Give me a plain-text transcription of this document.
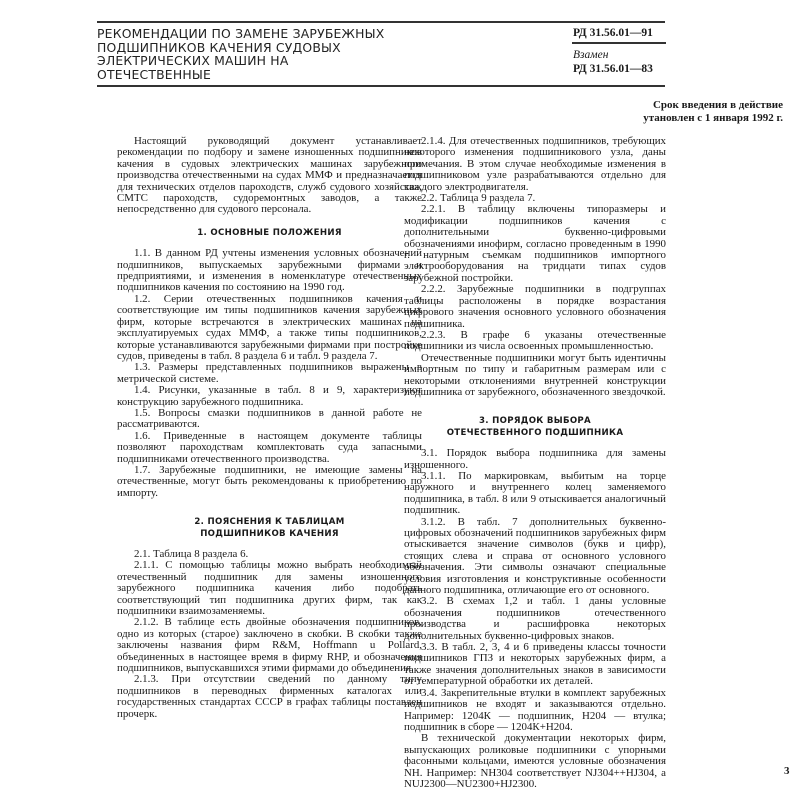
РЕКОМЕНДАЦИИ ПО ЗАМЕНЕ ЗАРУБЕЖНЫХ
ПОДШИПНИКОВ КАЧЕНИЯ СУДОВЫХ
ЭЛЕКТРИЧЕСКИХ МАШИН НА
ОТЕЧЕСТВЕННЫЕ
РД 31.56.01—91
Взамен
РД 31.56.01—83
Срок введения в действие
утановлен с 1 января 1992 г.

Настоящий руководящий документ устанавливает рекомендации по подбору и замене изношенных подшипников качения в судовых электрических машинах зарубежного производства отечественными на судах ММФ и предназначается для технических отделов пароходств, служб судового хозяйства, СМТС пароходств, судоремонтных заводов, а также непосредственно для судового персонала.

1. ОСНОВНЫЕ ПОЛОЖЕНИЯ

1.1. В данном РД учтены изменения условных обозначений подшипников, выпускаемых зарубежными фирмами и предприятиями, и изменения в номенклатуре отечественных подшипников качения по состоянию на 1990 год.

1.2. Серии отечественных подшипников качения и соответствующие им типы подшипников качения зарубежных фирм, которые встречаются в электрических машинах на эксплуатируемых судах ММФ, а также типы подшипников, которые устанавливаются зарубежными фирмами при постройке судов, приведены в табл. 8 раздела 6 и табл. 9 раздела 7.

1.3. Размеры представленных подшипников выражены в метрической системе.

1.4. Рисунки, указанные в табл. 8 и 9, характеризуют конструкцию зарубежного подшипника.

1.5. Вопросы смазки подшипников в данной работе не рассматриваются.

1.6. Приведенные в настоящем документе таблицы позволяют пароходствам комплектовать суда запасными подшипниками отечественного производства.

1.7. Зарубежные подшипники, не имеющие замены на отечественные, могут быть рекомендованы к приобретению по импорту.

2. ПОЯСНЕНИЯ К ТАБЛИЦАМ
ПОДШИПНИКОВ КАЧЕНИЯ

2.1. Таблица 8 раздела 6.

2.1.1. С помощью таблицы можно выбрать необходимый отечественный подшипник для замены изношенного зарубежного подшипника качения либо подобрать соответствующий тип подшипника других фирм, так как подшипники взаимозаменяемы.

2.1.2. В таблице есть двойные обозначения подшипников, одно из которых (старое) заключено в скобки. В скобки также заключены названия фирм R&M, Hoffmann u Pollard, объединенных в настоящее время в фирму RHP, и обозначения подшипников, выпускавшихся этими фирмами до объединения.

2.1.3. При отсутствии сведений по данному типу подшипников в переводных фирменных каталогах или государственных стандартах СССР в графах таблицы поставлен прочерк.

2.1.4. Для отечественных подшипников, требующих некоторого изменения подшипникового узла, даны примечания. В этом случае необходимые изменения в подшипниковом узле разрабатываются отдельно для каждого электродвигателя.

2.2. Таблица 9 раздела 7.

2.2.1. В таблицу включены типоразмеры и модификации подшипников качения с дополнительными буквенно-цифровыми обозначениями инофирм, согласно проведенным в 1990 г. натурным съемкам подшипников импортного электрооборудования на тридцати типах судов зарубежной постройки.

2.2.2. Зарубежные подшипники в подгруппах таблицы расположены в порядке возрастания цифрового значения основного условного обозначения подшипника.

2.2.3. В графе 6 указаны отечественные подшипники из числа освоенных промышленностью.

Отечественные подшипники могут быть идентичны импортным по типу и габаритным размерам или с некоторыми отклонениями внутренней конструкции подшипника от зарубежного, обозначенного звездочкой.

3. ПОРЯДОК ВЫБОРА
ОТЕЧЕСТВЕННОГО ПОДШИПНИКА

3.1. Порядок выбора подшипника для замены изношенного.

3.1.1. По маркировкам, выбитым на торце наружного и внутреннего колец заменяемого подшипника, в табл. 8 или 9 отыскивается аналогичный подшипник.

3.1.2. В табл. 7 дополнительных буквенно-цифровых обозначений подшипников зарубежных фирм отыскивается значение символов (букв и цифр), стоящих слева и справа от основного условного обозначения. Эти символы означают специальные условия изготовления и конструктивные особенности данного подшипника, отличающие его от основного.

3.2. В схемах 1,2 и табл. 1 даны условные обозначения подшипников отечественного производства и расшифровка некоторых дополнительных буквенно-цифровых знаков.

3.3. В табл. 2, 3, 4 и 6 приведены классы точности подшипников ГПЗ и некоторых зарубежных фирм, а также значения дополнительных знаков в зависимости от температурной обработки их деталей.

3.4. Закрепительные втулки в комплект зарубежных подшипников не входят и заказываются отдельно. Например: 1204К — подшипник, Н204 — втулка; подшипник в сборе — 1204К+Н204.

В технической документации некоторых фирм, выпускающих роликовые подшипники с упорными фасонными кольцами, имеются условные обозначения NH. Например: NH304 соответствует NJ304++HJ304, а NUJ2300—NU2300+HJ2300.

3
